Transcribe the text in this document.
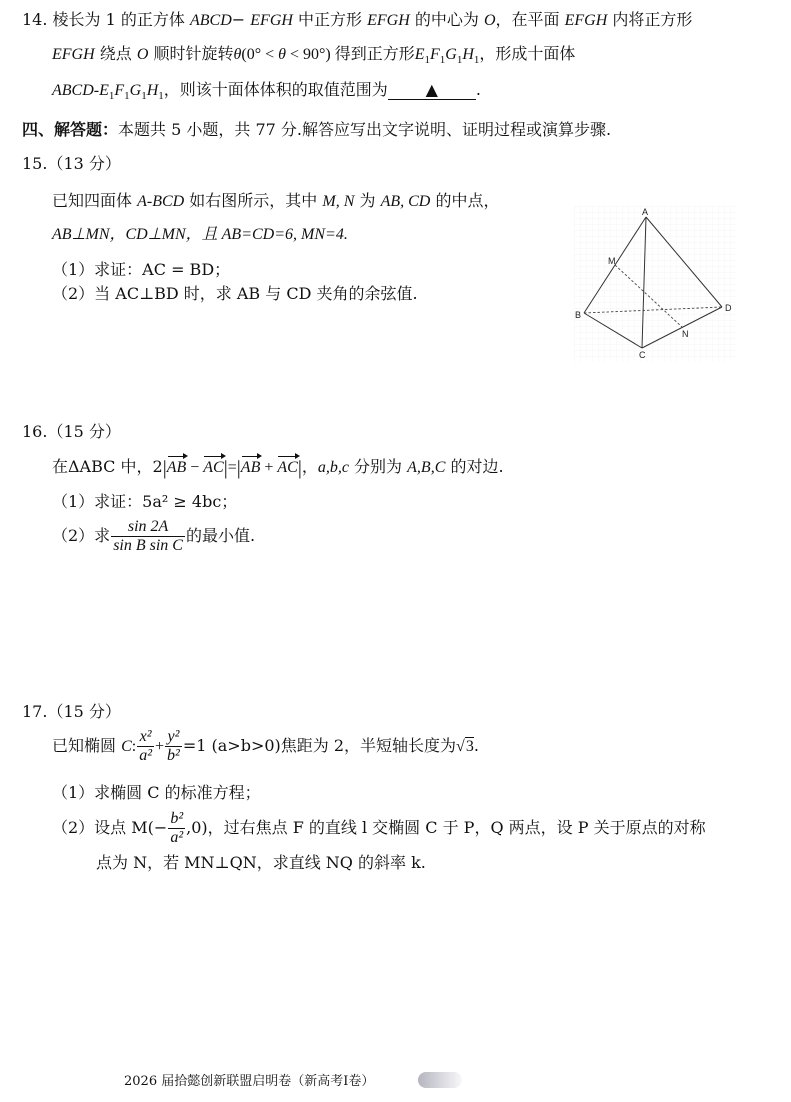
14. 棱长为 1 的正方体 ABCD− EFGH 中正方形 EFGH 的中心为 O，在平面 EFGH 内将正方形
EFGH 绕点 O 顺时针旋转θ(0° < θ < 90°) 得到正方形$E_1F_1G_1H_1$，形成十面体
ABCD-$E_1F_1G_1H_1$，则该十面体体积的取值范围为 ▲ .
四、解答题：本题共 5 小题，共 77 分.解答应写出文字说明、证明过程或演算步骤.
15.（13 分）
已知四面体 A-BCD 如右图所示，其中 M, N 为 AB, CD 的中点，
AB⊥MN，CD⊥MN，且 AB=CD=6, MN=4.
（1）求证：AC = BD；
（2）当 AC⊥BD 时，求 AB 与 CD 夹角的余弦值.
A
B
C
D
M
N
16.（15 分）
在ΔABC 中，2|AB − AC|=|AB + AC|，a,b,c 分别为 A,B,C 的对边.
（1）求证：5a² ≥ 4bc；
（2）求 $\frac{\sin 2A}{\text{sin B sin C}}$ 的最小值.
17.（15 分）
已知椭圆 C: $\frac{\text{x²}}{\text{a²}} + \frac{\text{y²}}{\text{b²}} =1$ (a>b>0)焦距为 2，半短轴长度为√3.
（1）求椭圆 C 的标准方程；
（2）设点 $M(- \frac{\text{b²}}{\text{a²}} ,0)$，过右焦点 F 的直线 l 交椭圆 C 于 P，Q 两点，设 P 关于原点的对称
点为 N，若 MN⊥QN，求直线 NQ 的斜率 k.
2026 届拾懿创新联盟启明卷（新高考Ⅰ卷）
